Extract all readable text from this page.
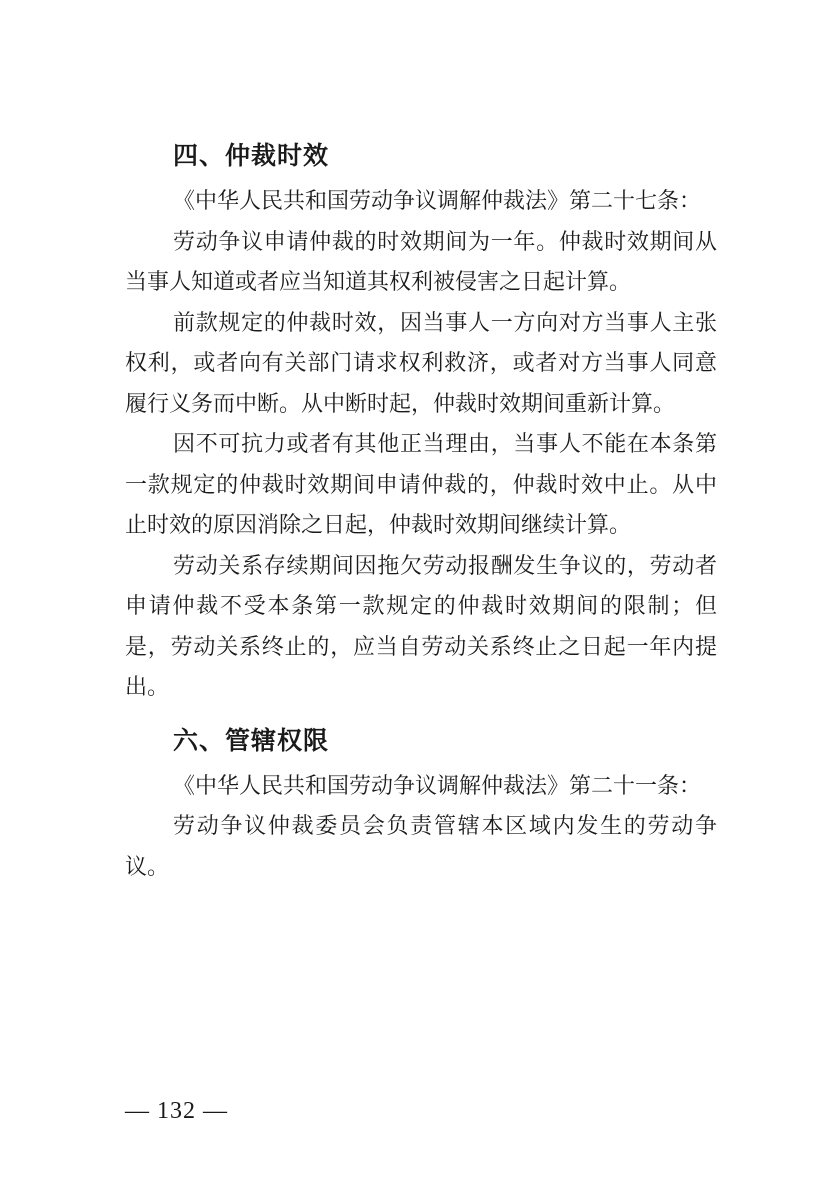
四、仲裁时效

《中华人民共和国劳动争议调解仲裁法》第二十七条：

劳动争议申请仲裁的时效期间为一年。仲裁时效期间从当事人知道或者应当知道其权利被侵害之日起计算。

前款规定的仲裁时效，因当事人一方向对方当事人主张权利，或者向有关部门请求权利救济，或者对方当事人同意履行义务而中断。从中断时起，仲裁时效期间重新计算。

因不可抗力或者有其他正当理由，当事人不能在本条第一款规定的仲裁时效期间申请仲裁的，仲裁时效中止。从中止时效的原因消除之日起，仲裁时效期间继续计算。

劳动关系存续期间因拖欠劳动报酬发生争议的，劳动者申请仲裁不受本条第一款规定的仲裁时效期间的限制；但是，劳动关系终止的，应当自劳动关系终止之日起一年内提出。

六、管辖权限

《中华人民共和国劳动争议调解仲裁法》第二十一条：

劳动争议仲裁委员会负责管辖本区域内发生的劳动争议。

— 132 —
